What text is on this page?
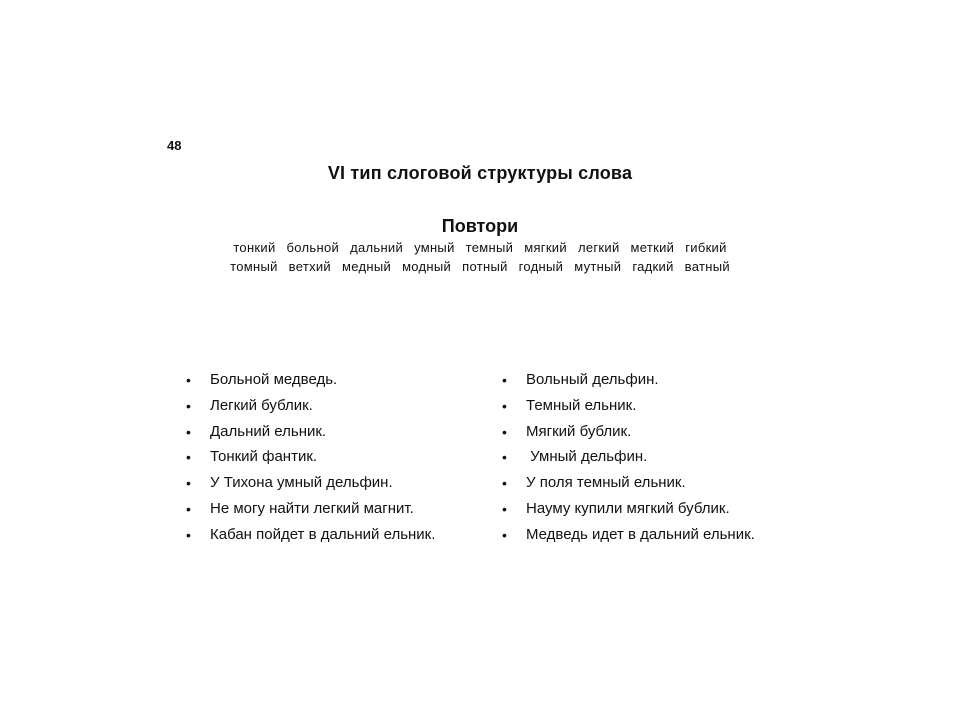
48
VI тип слоговой структуры слова
Повтори
тонкий больной дальний умный темный мягкий легкий меткий гибкий
томный ветхий медный модный потный годный мутный гадкий ватный
• Больной медведь.
• Легкий бублик.
• Дальний ельник.
• Тонкий фантик.
• У Тихона умный дельфин.
• Не могу найти легкий магнит.
• Кабан пойдет в дальний ельник.
• Вольный дельфин.
• Темный ельник.
• Мягкий бублик.
• Умный дельфин.
• У поля темный ельник.
• Науму купили мягкий бублик.
• Медведь идет в дальний ельник.
